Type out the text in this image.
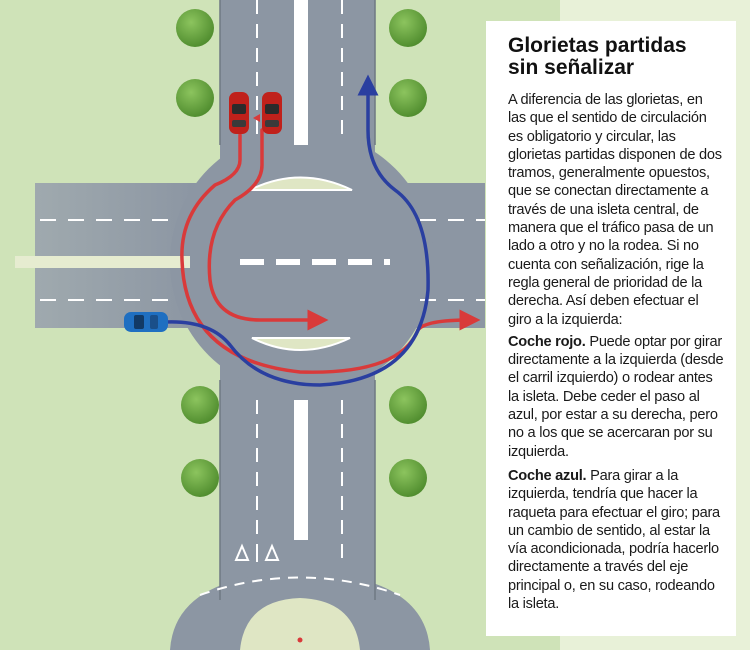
Glorietas partidas
sin señalizar

A diferencia de las glorietas, en las que el sentido de circulación es obligatorio y circular, las glorietas partidas disponen de dos tramos, generalmente opuestos, que se conectan directamente a través de una isleta central, de manera que el tráfico pasa de un lado a otro y no la rodea. Si no cuenta con señalización, rige la regla general de prioridad de la derecha. Así deben efectuar el giro a la izquierda:

Coche rojo. Puede optar por girar directamente a la izquierda (desde el carril izquierdo) o rodear antes la isleta. Debe ceder el paso al azul, por estar a su derecha, pero no a los que se acercaran por su izquierda.

Coche azul. Para girar a la izquierda, tendría que hacer la raqueta para efectuar el giro; para un cambio de sentido, al estar la vía acondicionada, podría hacerlo directamente a través del eje principal o, en su caso, rodeando la isleta.
